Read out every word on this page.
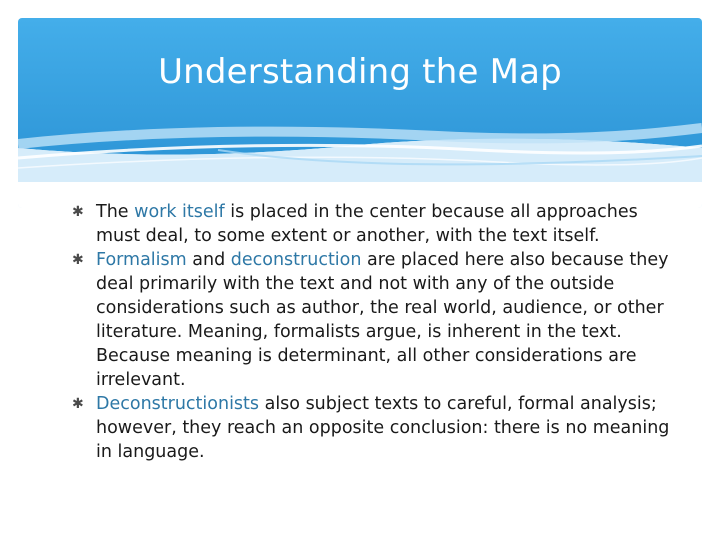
Understanding the Map

✱ The work itself is placed in the center because all approaches must deal, to some extent or another, with the text itself.

✱ Formalism and deconstruction are placed here also because they deal primarily with the text and not with any of the outside considerations such as author, the real world, audience, or other literature. Meaning, formalists argue, is inherent in the text. Because meaning is determinant, all other considerations are irrelevant.

✱ Deconstructionists also subject texts to careful, formal analysis; however, they reach an opposite conclusion: there is no meaning in language.
